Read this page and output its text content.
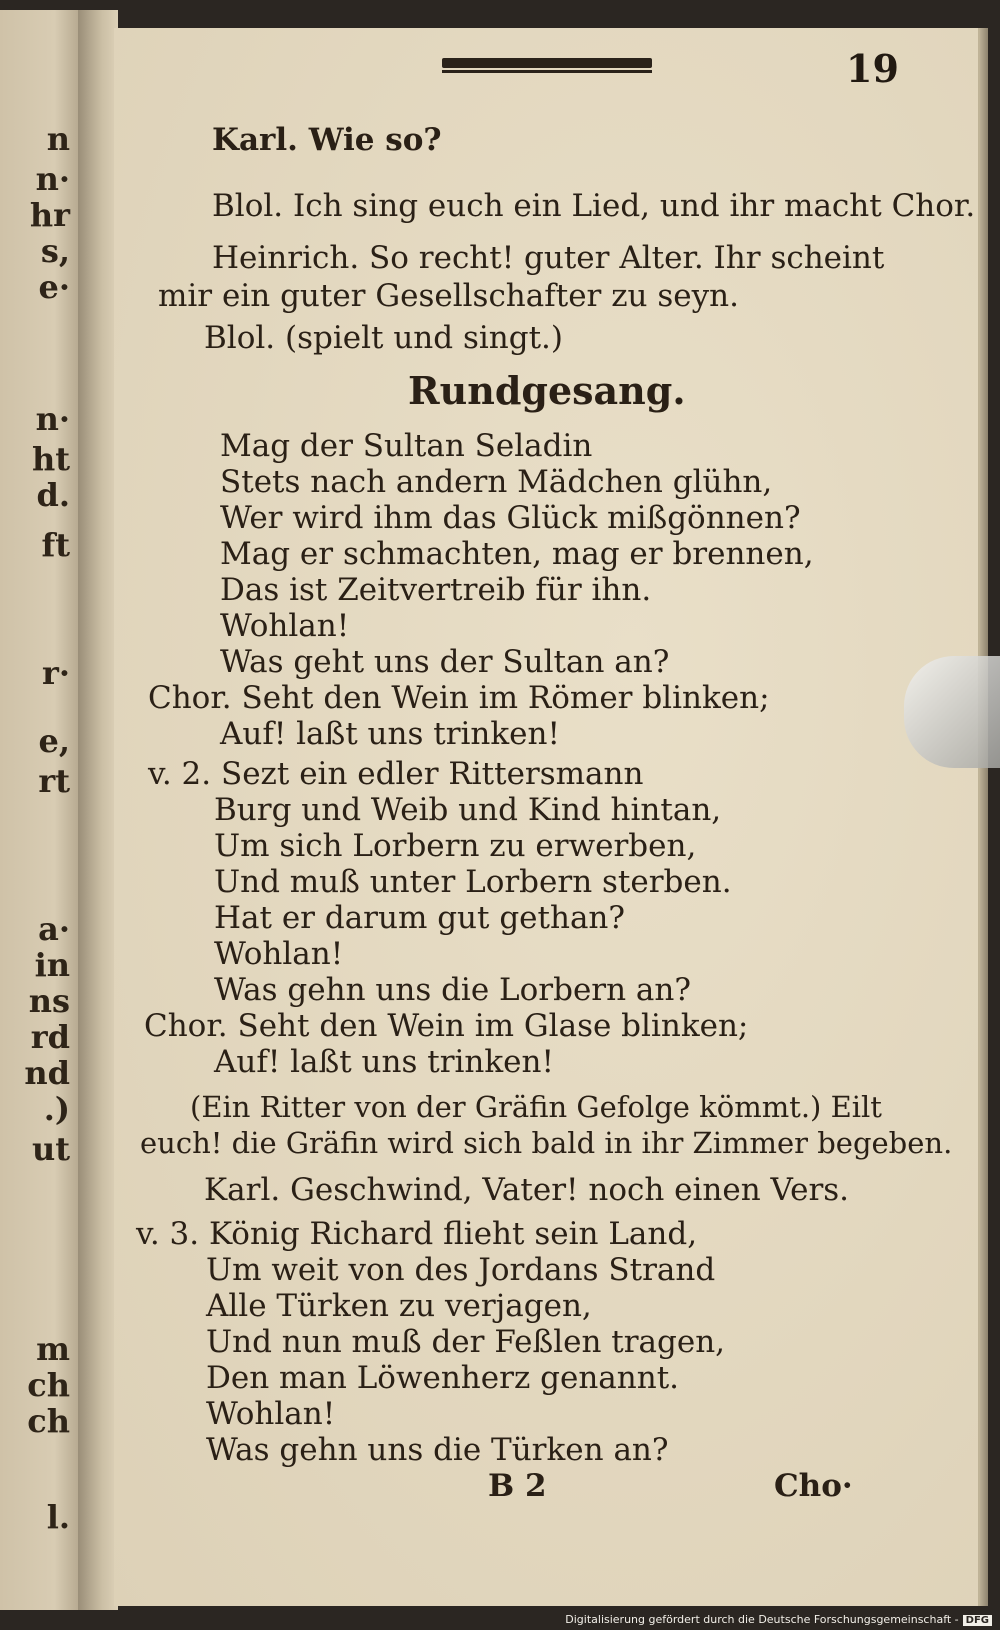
n
n·
hr
s,
e·
n·
ht
d.
ft
r·
e,
rt
a·
in
ns
rd
nd
.)
ut
m
ch
ch
l.
19
Karl. Wie so?
Blol. Ich sing euch ein Lied, und ihr macht Chor.
Heinrich. So recht! guter Alter. Ihr scheint
mir ein guter Gesellschafter zu seyn.
Blol. (spielt und singt.)
Rundgesang.
Mag der Sultan Seladin
Stets nach andern Mädchen glühn,
Wer wird ihm das Glück mißgönnen?
Mag er schmachten, mag er brennen,
Das ist Zeitvertreib für ihn.
Wohlan!
Was geht uns der Sultan an?
Chor. Seht den Wein im Römer blinken;
Auf! laßt uns trinken!
v. 2. Sezt ein edler Rittersmann
Burg und Weib und Kind hintan,
Um sich Lorbern zu erwerben,
Und muß unter Lorbern sterben.
Hat er darum gut gethan?
Wohlan!
Was gehn uns die Lorbern an?
Chor. Seht den Wein im Glase blinken;
Auf! laßt uns trinken!
(Ein Ritter von der Gräfin Gefolge kömmt.) Eilt
euch! die Gräfin wird sich bald in ihr Zimmer begeben.
Karl. Geschwind, Vater! noch einen Vers.
v. 3. König Richard flieht sein Land,
Um weit von des Jordans Strand
Alle Türken zu verjagen,
Und nun muß der Feßlen tragen,
Den man Löwenherz genannt.
Wohlan!
Was gehn uns die Türken an?
B 2	Cho·
Digitalisierung gefördert durch die Deutsche Forschungsgemeinschaft - DFG
